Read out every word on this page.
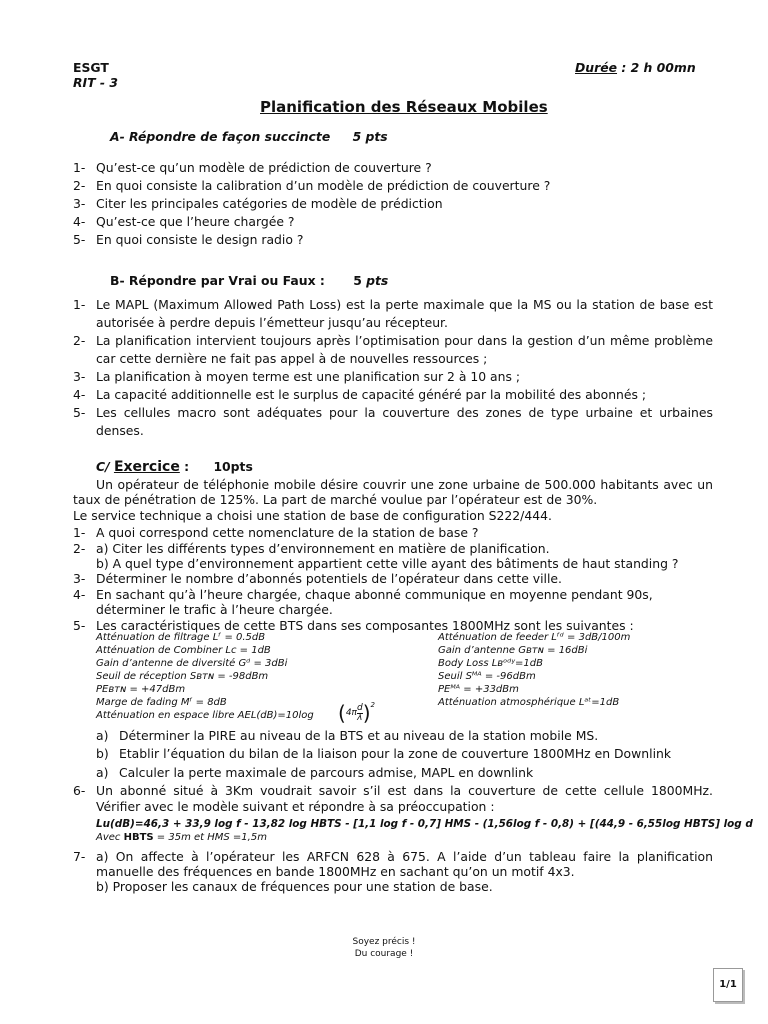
ESGT
RIT - 3
Durée : 2 h 00mn
Planification des Réseaux Mobiles
A- Répondre de façon succincte 5 pts
1- Qu’est-ce qu’un modèle de prédiction de couverture ?
2- En quoi consiste la calibration d’un modèle de prédiction de couverture ?
3- Citer les principales catégories de modèle de prédiction
4- Qu’est-ce que l’heure chargée ?
5- En quoi consiste le design radio ?
B- Répondre par Vrai ou Faux : 5 pts
1- Le MAPL (Maximum Allowed Path Loss) est la perte maximale que la MS ou la station de base est
autorisée à perdre depuis l’émetteur jusqu’au récepteur.
2- La planification intervient toujours après l’optimisation pour dans la gestion d’un même problème
car cette dernière ne fait pas appel à de nouvelles ressources ;
3- La planification à moyen terme est une planification sur 2 à 10 ans ;
4- La capacité additionnelle est le surplus de capacité généré par la mobilité des abonnés ;
5- Les cellules macro sont adéquates pour la couverture des zones de type urbaine et urbaines
denses.
C/ Exercice : 10pts
Un opérateur de téléphonie mobile désire couvrir une zone urbaine de 500.000 habitants avec un
taux de pénétration de 125%. La part de marché voulue par l’opérateur est de 30%.
Le service technique a choisi une station de base de configuration S222/444.
1- A quoi correspond cette nomenclature de la station de base ?
2- a) Citer les différents types d’environnement en matière de planification.
b) A quel type d’environnement appartient cette ville ayant des bâtiments de haut standing ?
3- Déterminer le nombre d’abonnés potentiels de l’opérateur dans cette ville.
4- En sachant qu’à l’heure chargée, chaque abonné communique en moyenne pendant 90s,
déterminer le trafic à l’heure chargée.
5- Les caractéristiques de cette BTS dans ses composantes 1800MHz sont les suivantes :
Atténuation de filtrage Lᶠ = 0.5dB
Atténuation de Combiner Lc = 1dB
Gain d’antenne de diversité Gᵈ = 3dBi
Seuil de réception Sʙᴛɴ = -98dBm
PEʙᴛɴ = +47dBm
Marge de fading Mᶠ = 8dB
Atténuation en espace libre AEL(dB)=10log
Atténuation de feeder Lᶠᵈ = 3dB/100m
Gain d’antenne Gʙᴛɴ = 16dBi
Body Loss Lʙᵒᵈʸ=1dB
Seuil Sᴹᴬ = -96dBm
PEᴹᴬ = +33dBm
Atténuation atmosphérique Lᵃᵗ=1dB
$(4\pi \frac{d}{\lambda} )^2$
a) Déterminer la PIRE au niveau de la BTS et au niveau de la station mobile MS.
b) Etablir l’équation du bilan de la liaison pour la zone de couverture 1800MHz en Downlink
a) Calculer la perte maximale de parcours admise, MAPL en downlink
6- Un abonné situé à 3Km voudrait savoir s’il est dans la couverture de cette cellule 1800MHz.
Vérifier avec le modèle suivant et répondre à sa préoccupation :
Lu(dB)=46,3 + 33,9 log f - 13,82 log HBTS - [1,1 log f - 0,7] HMS - (1,56log f - 0,8) + [(44,9 - 6,55log HBTS] log d
Avec HBTS = 35m et HMS =1,5m
7- a) On affecte à l’opérateur les ARFCN 628 à 675. A l’aide d’un tableau faire la planification
manuelle des fréquences en bande 1800MHz en sachant qu’on un motif 4x3.
b) Proposer les canaux de fréquences pour une station de base.
Soyez précis !
Du courage !
1/1
